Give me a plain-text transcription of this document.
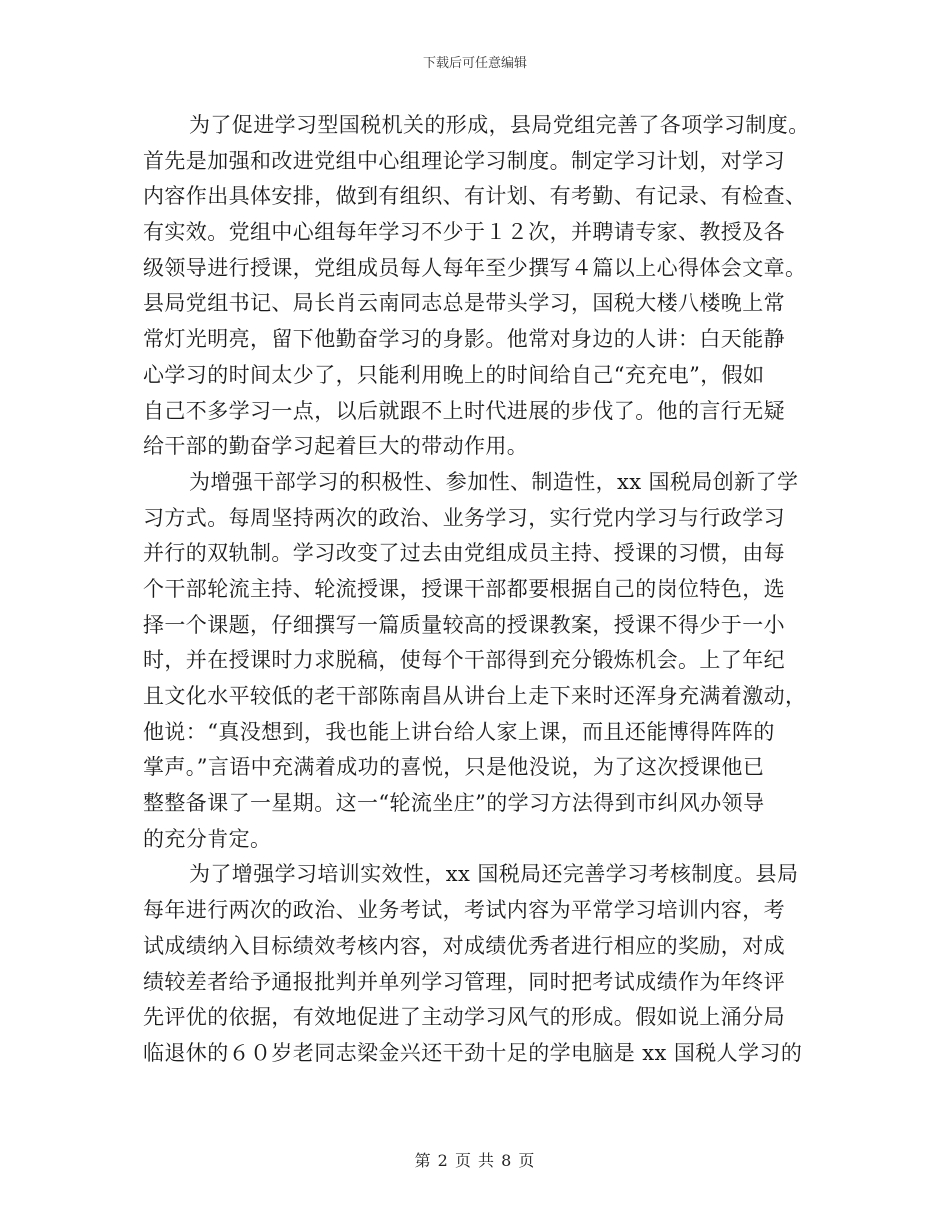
下载后可任意编辑
为了促进学习型国税机关的形成，县局党组完善了各项学习制度。
首先是加强和改进党组中心组理论学习制度。制定学习计划，对学习
内容作出具体安排，做到有组织、有计划、有考勤、有记录、有检查、
有实效。党组中心组每年学习不少于１２次，并聘请专家、教授及各
级领导进行授课，党组成员每人每年至少撰写４篇以上心得体会文章。
县局党组书记、局长肖云南同志总是带头学习，国税大楼八楼晚上常
常灯光明亮，留下他勤奋学习的身影。他常对身边的人讲：白天能静
心学习的时间太少了，只能利用晚上的时间给自己“充充电”，假如
自己不多学习一点，以后就跟不上时代进展的步伐了。他的言行无疑
给干部的勤奋学习起着巨大的带动作用。
为增强干部学习的积极性、参加性、制造性，xx 国税局创新了学
习方式。每周坚持两次的政治、业务学习，实行党内学习与行政学习
并行的双轨制。学习改变了过去由党组成员主持、授课的习惯，由每
个干部轮流主持、轮流授课，授课干部都要根据自己的岗位特色，选
择一个课题，仔细撰写一篇质量较高的授课教案，授课不得少于一小
时，并在授课时力求脱稿，使每个干部得到充分锻炼机会。上了年纪
且文化水平较低的老干部陈南昌从讲台上走下来时还浑身充满着激动，
他说：“真没想到，我也能上讲台给人家上课，而且还能博得阵阵的
掌声。”言语中充满着成功的喜悦，只是他没说，为了这次授课他已
整整备课了一星期。这一“轮流坐庄”的学习方法得到市纠风办领导
的充分肯定。
为了增强学习培训实效性，xx 国税局还完善学习考核制度。县局
每年进行两次的政治、业务考试，考试内容为平常学习培训内容，考
试成绩纳入目标绩效考核内容，对成绩优秀者进行相应的奖励，对成
绩较差者给予通报批判并单列学习管理，同时把考试成绩作为年终评
先评优的依据，有效地促进了主动学习风气的形成。假如说上涌分局
临退休的６０岁老同志梁金兴还干劲十足的学电脑是 xx 国税人学习的
第 2 页 共 8 页
